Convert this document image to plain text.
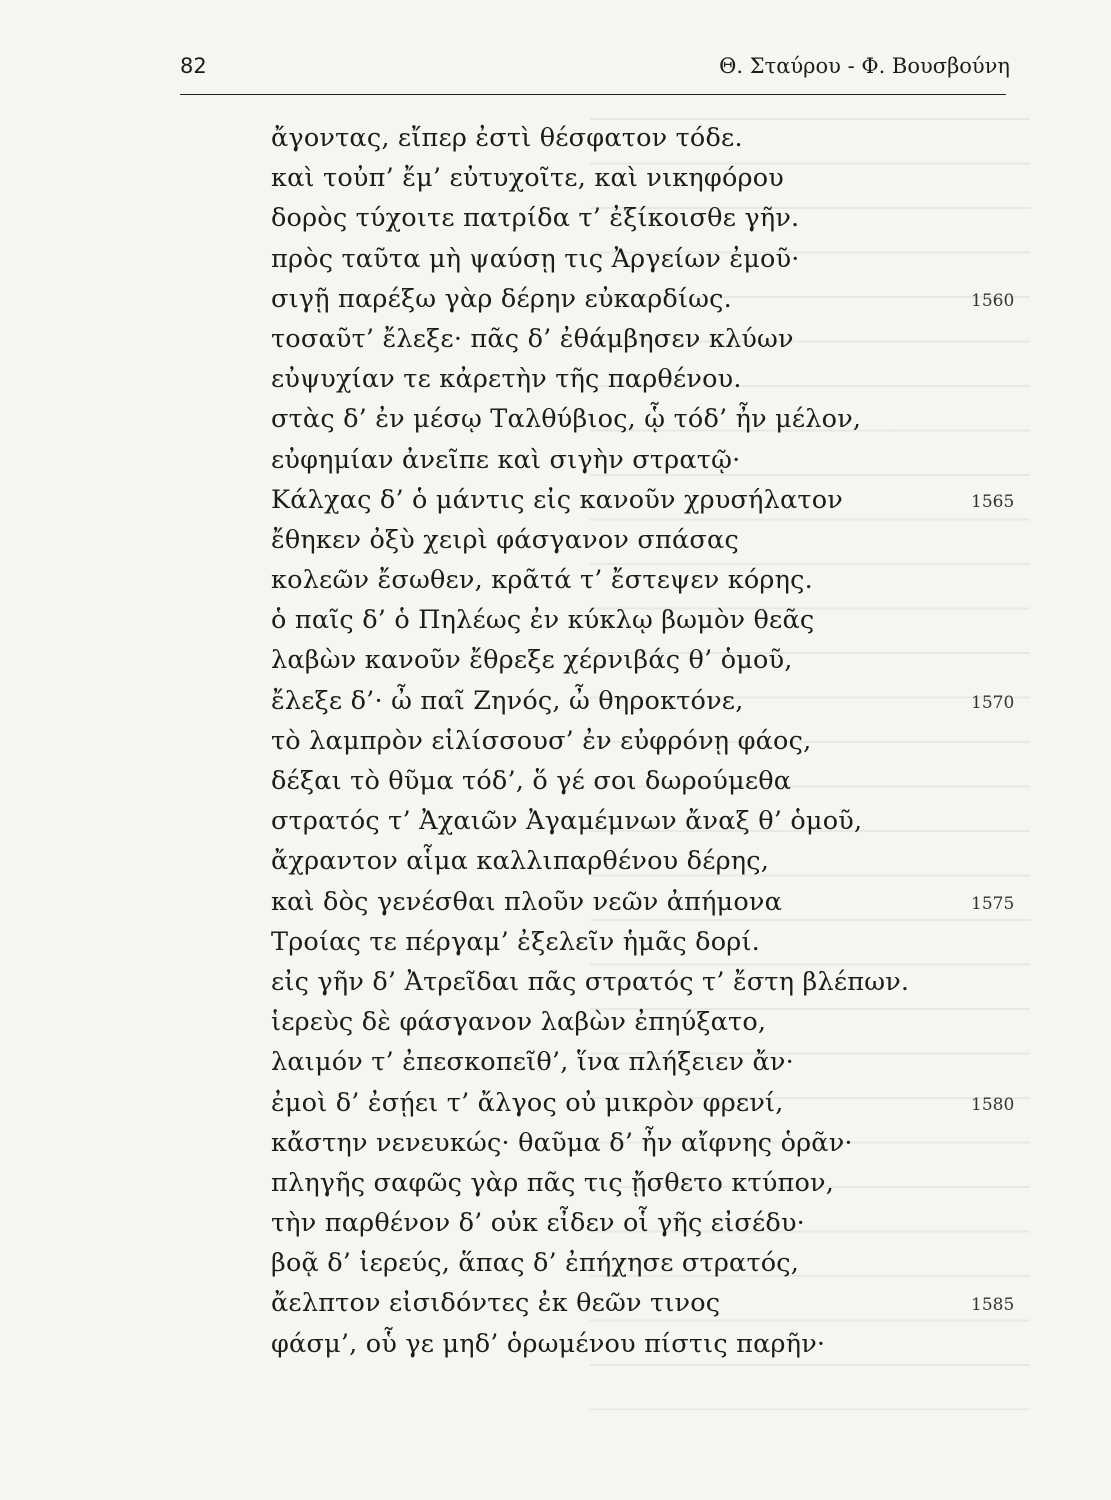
82	Θ. Σταύρου - Φ. Βουσβούνη
ἄγοντας, εἴπερ ἐστὶ θέσφατον τόδε.
καὶ τοὐπ’ ἔμ’ εὐτυχοῖτε, καὶ νικηφόρου
δορὸς τύχοιτε πατρίδα τ’ ἐξίκοισθε γῆν.
πρὸς ταῦτα μὴ ψαύσῃ τις Ἀργείων ἐμοῦ·
σιγῇ παρέξω γὰρ δέρην εὐκαρδίως.	1560
τοσαῦτ’ ἔλεξε· πᾶς δ’ ἐθάμβησεν κλύων
εὐψυχίαν τε κἀρετὴν τῆς παρθένου.
στὰς δ’ ἐν μέσῳ Ταλθύβιος, ᾧ τόδ’ ἦν μέλον,
εὐφημίαν ἀνεῖπε καὶ σιγὴν στρατῷ·
Κάλχας δ’ ὁ μάντις εἰς κανοῦν χρυσήλατον	1565
ἔθηκεν ὀξὺ χειρὶ φάσγανον σπάσας
κολεῶν ἔσωθεν, κρᾶτά τ’ ἔστεψεν κόρης.
ὁ παῖς δ’ ὁ Πηλέως ἐν κύκλῳ βωμὸν θεᾶς
λαβὼν κανοῦν ἔθρεξε χέρνιβάς θ’ ὁμοῦ,
ἔλεξε δ’· ὦ παῖ Ζηνός, ὦ θηροκτόνε,	1570
τὸ λαμπρὸν εἱλίσσουσ’ ἐν εὐφρόνῃ φάος,
δέξαι τὸ θῦμα τόδ’, ὅ γέ σοι δωρούμεθα
στρατός τ’ Ἀχαιῶν Ἀγαμέμνων ἄναξ θ’ ὁμοῦ,
ἄχραντον αἷμα καλλιπαρθένου δέρης,
καὶ δὸς γενέσθαι πλοῦν νεῶν ἀπήμονα	1575
Τροίας τε πέργαμ’ ἐξελεῖν ἡμᾶς δορί.
εἰς γῆν δ’ Ἀτρεῖδαι πᾶς στρατός τ’ ἔστη βλέπων.
ἱερεὺς δὲ φάσγανον λαβὼν ἐπηύξατο,
λαιμόν τ’ ἐπεσκοπεῖθ’, ἵνα πλήξειεν ἄν·
ἐμοὶ δ’ ἐσῄει τ’ ἄλγος οὐ μικρὸν φρενί,	1580
κἄστην νενευκώς· θαῦμα δ’ ἦν αἴφνης ὁρᾶν·
πληγῆς σαφῶς γὰρ πᾶς τις ᾔσθετο κτύπον,
τὴν παρθένον δ’ οὐκ εἶδεν οἷ γῆς εἰσέδυ·
βοᾷ δ’ ἱερεύς, ἅπας δ’ ἐπήχησε στρατός,
ἄελπτον εἰσιδόντες ἐκ θεῶν τινος	1585
φάσμ’, οὗ γε μηδ’ ὁρωμένου πίστις παρῆν·
